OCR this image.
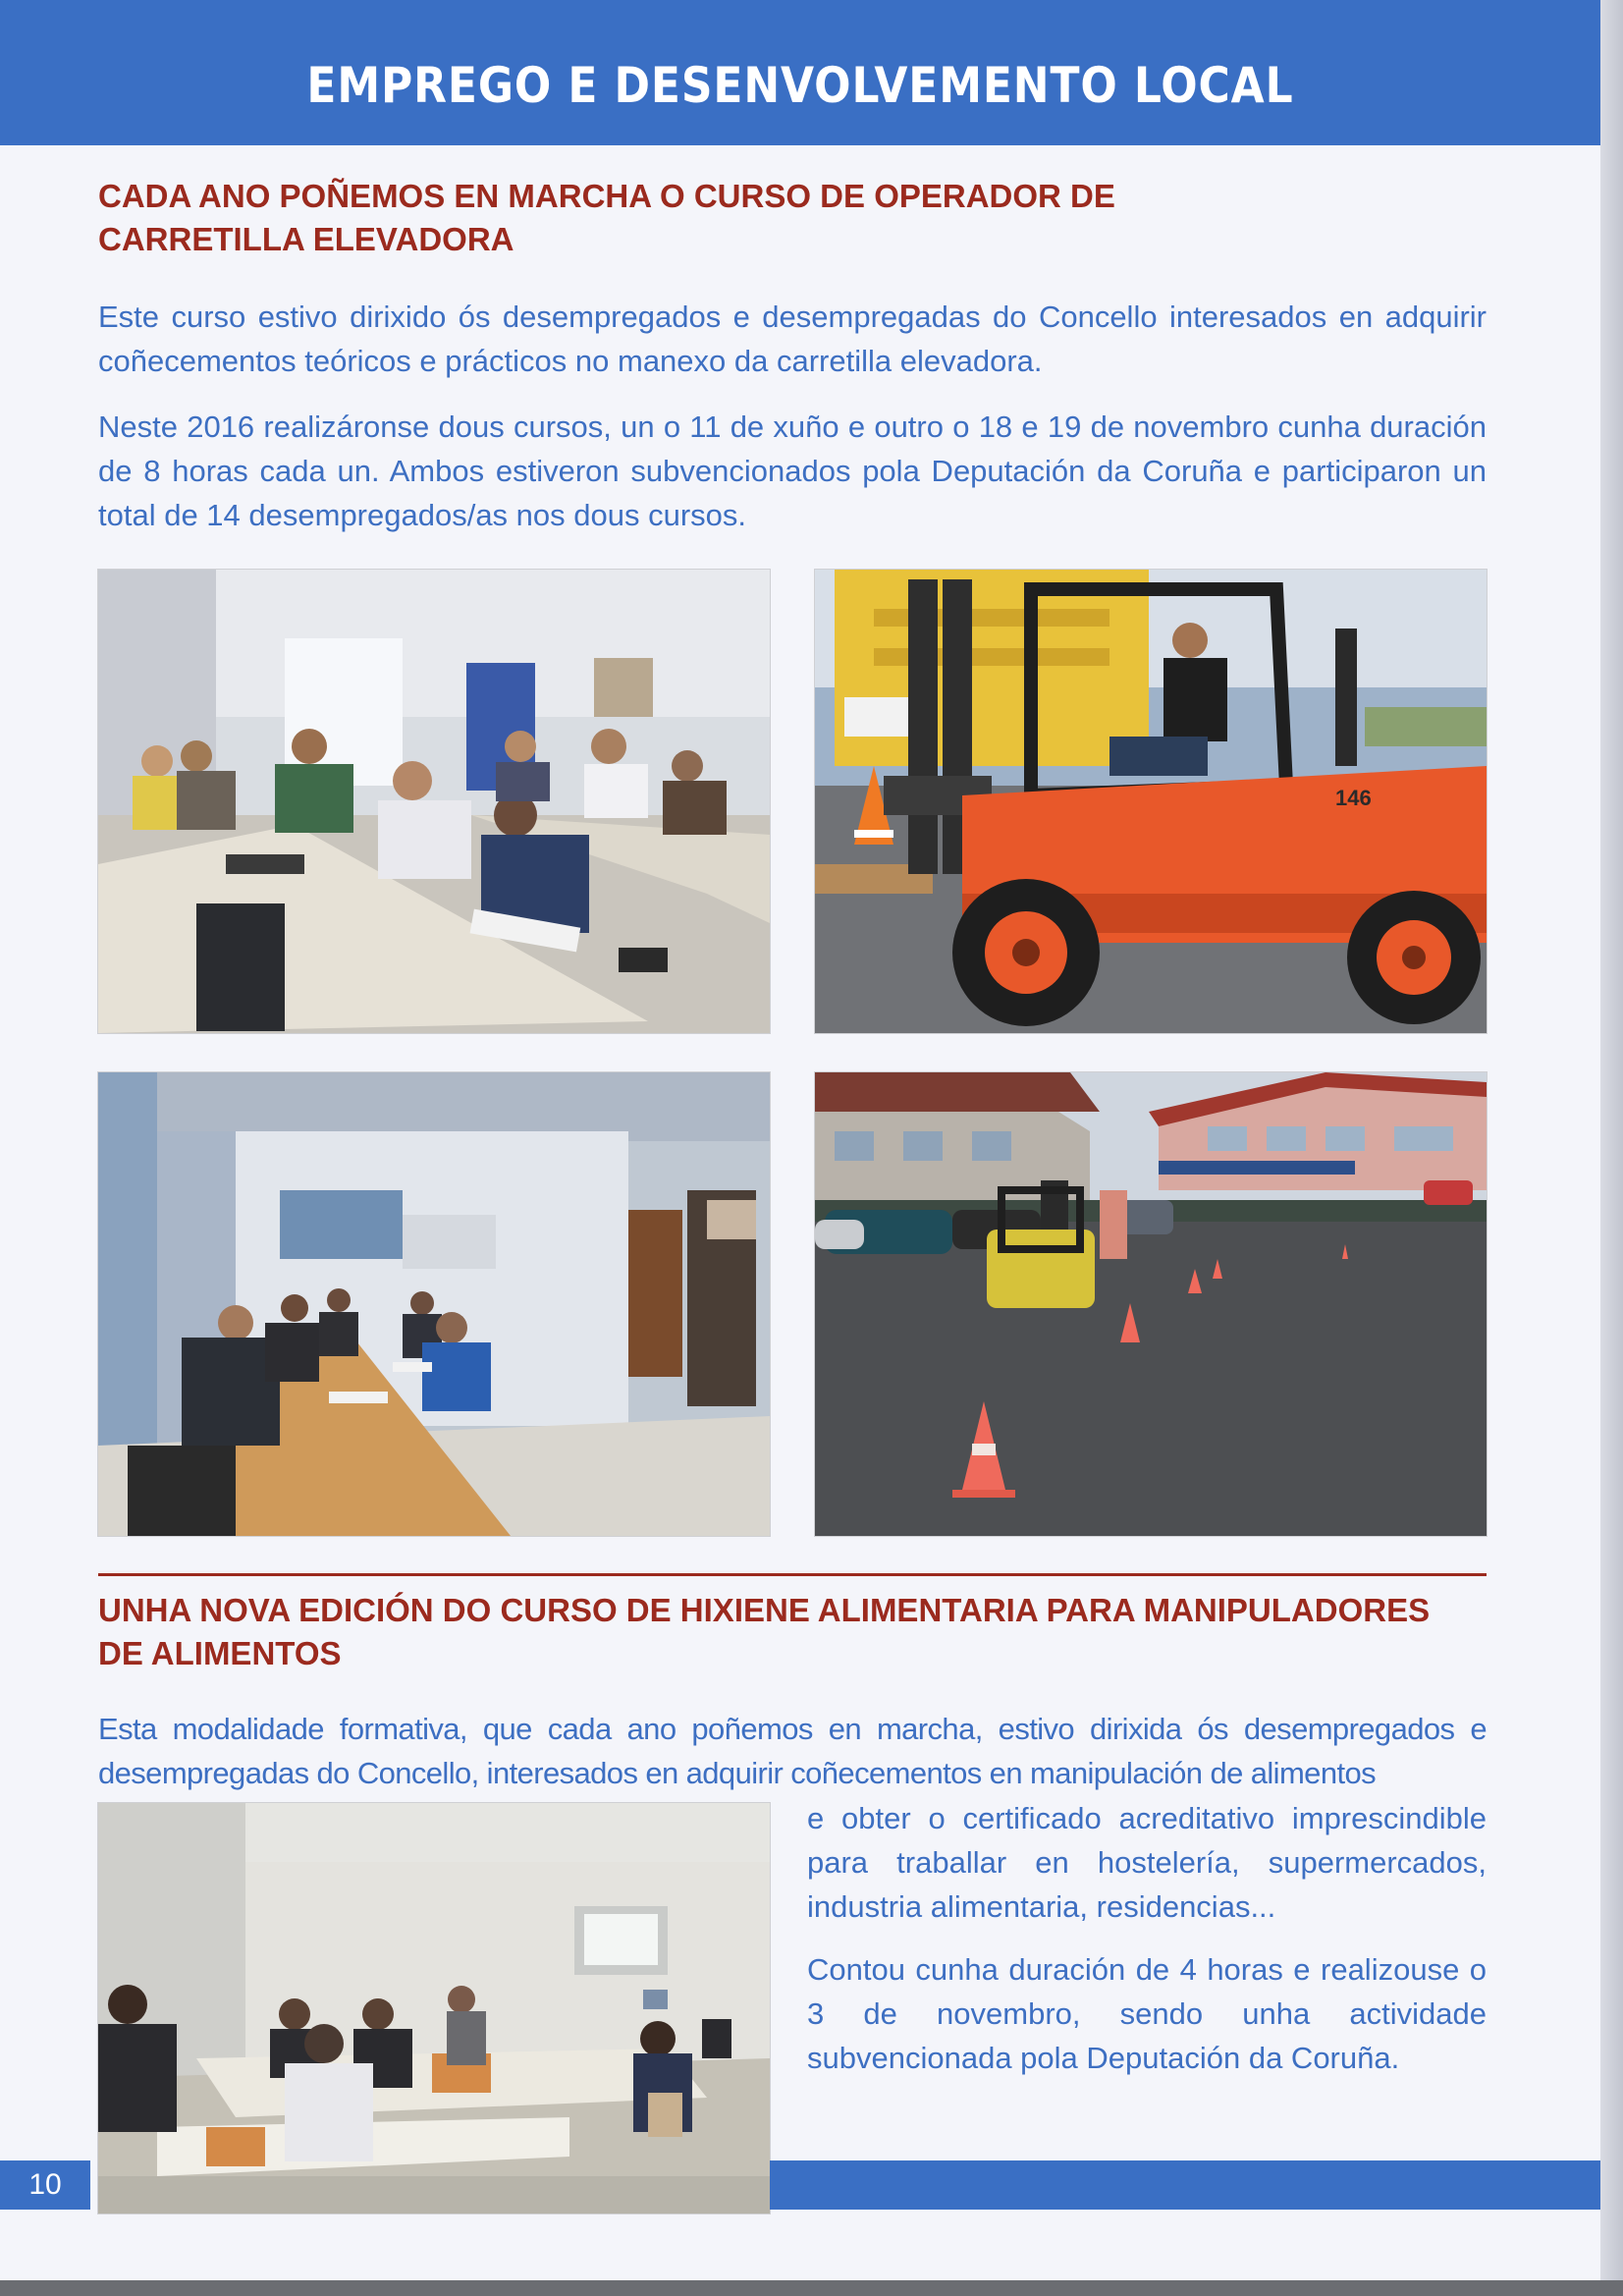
EMPREGO E DESENVOLVEMENTO LOCAL
CADA ANO POÑEMOS EN MARCHA O CURSO DE OPERADOR DE
CARRETILLA ELEVADORA
Este curso estivo dirixido ós desempregados e desempregadas do Concello interesados en adquirir coñecementos teóricos e prácticos no manexo da carretilla elevadora.
Neste 2016 realizáronse dous cursos, un o 11 de xuño e outro o 18 e 19 de novembro cunha duración de 8 horas cada un. Ambos estiveron subvencionados pola Deputación da Coruña e participaron un total de 14 desempregados/as nos dous cursos.
146
UNHA NOVA EDICIÓN DO CURSO DE HIXIENE ALIMENTARIA PARA MANIPULADORES
DE ALIMENTOS
Esta modalidade formativa, que cada ano poñemos en marcha, estivo dirixida ós desempregados e desempregadas do Concello, interesados en adquirir coñecementos en manipulación de alimentos
e obter o certificado acreditativo imprescindible para traballar en hostelería, supermercados, industria alimentaria, residencias...
Contou cunha duración de 4 horas e realizouse o 3 de novembro, sendo unha actividade subvencionada pola Deputación da Coruña.
10
